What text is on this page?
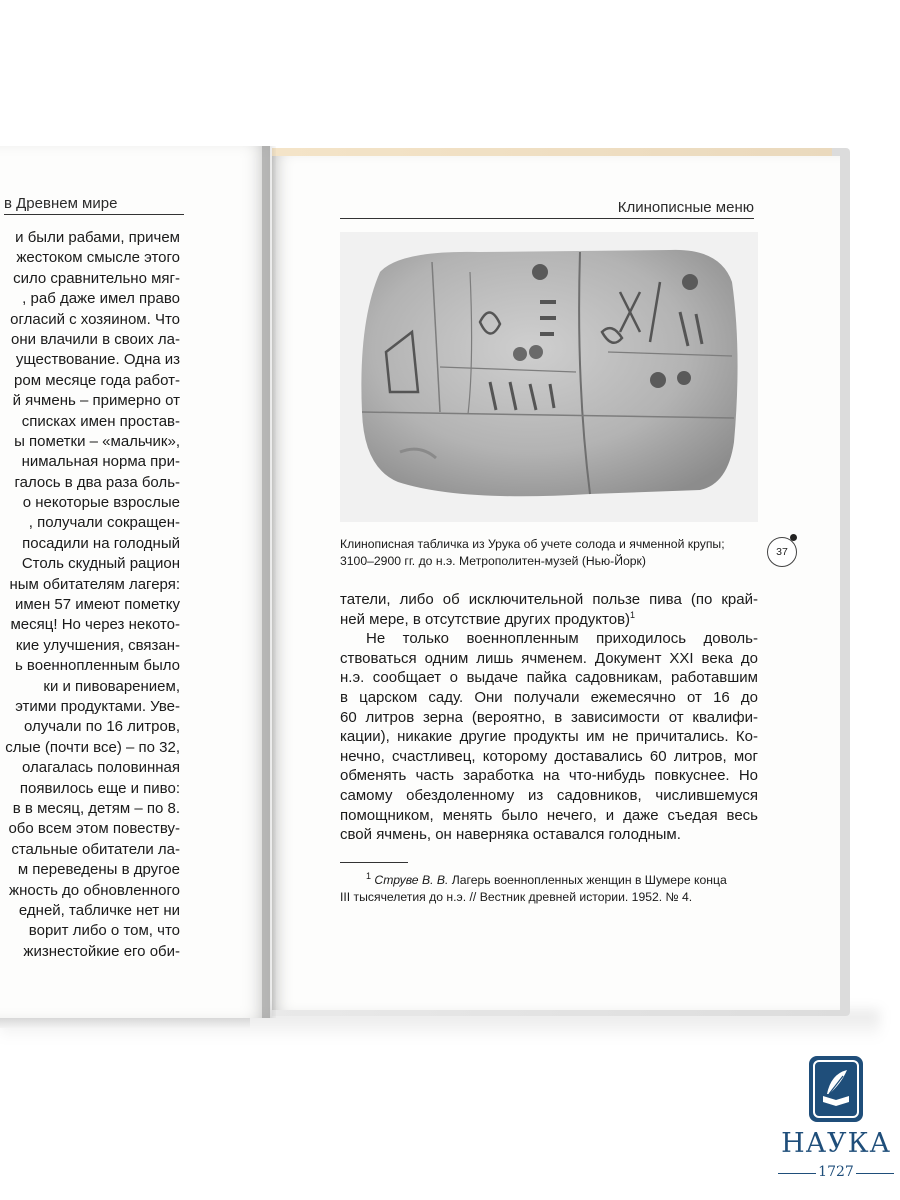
в Древнем мире
и были рабами, причем
жестоком смысле этого
сило сравнительно мяг-
, раб даже имел право
огласий с хозяином. Что
они влачили в своих ла-
уществование. Одна из
ром месяце года работ-
й ячмень – примерно от
списках имен простав-
ы пометки – «мальчик»,
нимальная норма при-
галось в два раза боль-
о некоторые взрослые
, получали сокращен-
посадили на голодный
Столь скудный рацион
ным обитателям лагеря:
имен 57 имеют пометку
месяц! Но через некото-
кие улучшения, связан-
ь военнопленным было
ки и пивоварением,
этими продуктами. Уве-
олучали по 16 литров,
слые (почти все) – по 32,
олагалась половинная
появилось еще и пиво:
в в месяц, детям – по 8.
обо всем этом повеству-
стальные обитатели ла-
м переведены в другое
жность до обновленного
едней, табличке нет ни
ворит либо о том, что
жизнестойкие его оби-
Клинописные меню
Клинописная табличка из Урука об учете солода и ячменной крупы;
3100–2900 гг. до н.э. Метрополитен-музей (Нью-Йорк)
37
татели, либо об исключительной пользе пива (по край-
ней мере, в отсутствие других продуктов)$^1$
Не только военнопленным приходилось доволь-
ствоваться одним лишь ячменем. Документ XXI века до
н.э. сообщает о выдаче пайка садовникам, работавшим
в царском саду. Они получали ежемесячно от 16 до
60 литров зерна (вероятно, в зависимости от квалифи-
кации), никакие другие продукты им не причитались. Ко-
нечно, счастливец, которому доставались 60 литров, мог
обменять часть заработка на что-нибудь повкуснее. Но
самому обездоленному из садовников, числившемуся
помощником, менять было нечего, и даже съедая весь
свой ячмень, он наверняка оставался голодным.
$^1$ Струве В. В. Лагерь военнопленных женщин в Шумере конца
III тысячелетия до н.э. // Вестник древней истории. 1952. № 4.
НАУКА
1727
